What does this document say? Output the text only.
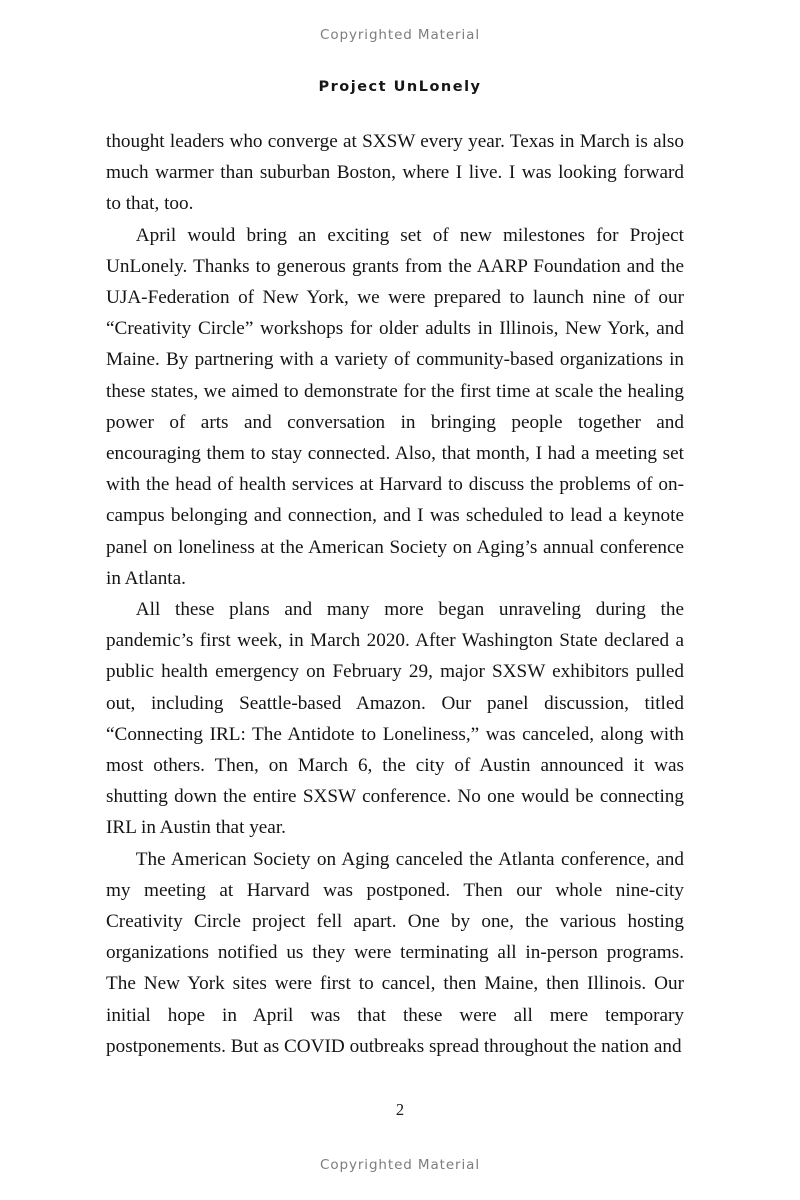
Copyrighted Material
Project UnLonely

thought leaders who converge at SXSW every year. Texas in March is also much warmer than suburban Boston, where I live. I was looking forward to that, too.

April would bring an exciting set of new milestones for Project UnLonely. Thanks to generous grants from the AARP Foundation and the UJA-Federation of New York, we were prepared to launch nine of our “Creativity Circle” workshops for older adults in Illinois, New York, and Maine. By partnering with a variety of community-based organizations in these states, we aimed to demonstrate for the first time at scale the healing power of arts and conversation in bringing people together and encouraging them to stay connected. Also, that month, I had a meeting set with the head of health services at Harvard to discuss the problems of on-campus belonging and connection, and I was scheduled to lead a keynote panel on loneliness at the American Society on Aging’s annual conference in Atlanta.

All these plans and many more began unraveling during the pandemic’s first week, in March 2020. After Washington State declared a public health emergency on February 29, major SXSW exhibitors pulled out, including Seattle-based Amazon. Our panel discussion, titled “Connecting IRL: The Antidote to Loneliness,” was canceled, along with most others. Then, on March 6, the city of Austin announced it was shutting down the entire SXSW conference. No one would be connecting IRL in Austin that year.

The American Society on Aging canceled the Atlanta conference, and my meeting at Harvard was postponed. Then our whole nine-city Creativity Circle project fell apart. One by one, the various hosting organizations notified us they were terminating all in-person programs. The New York sites were first to cancel, then Maine, then Illinois. Our initial hope in April was that these were all mere temporary postponements. But as COVID outbreaks spread throughout the nation and

2
Copyrighted Material
